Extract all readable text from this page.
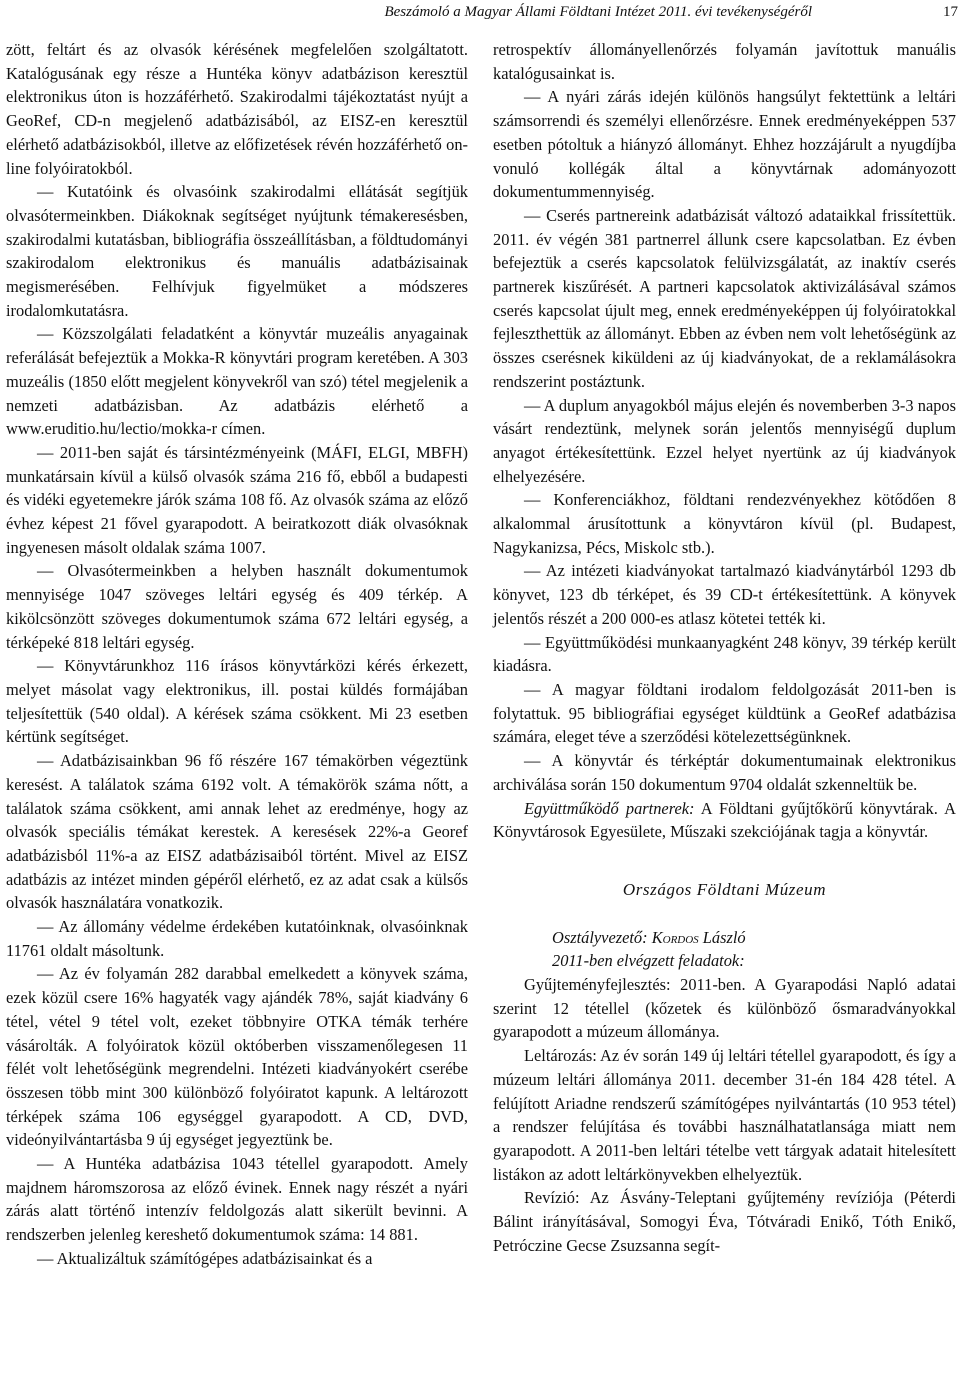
Beszámoló a Magyar Állami Földtani Intézet 2011. évi tevékenységéről	17

zött, feltárt és az olvasók kérésének megfelelően szolgáltatott. Katalógusának egy része a Huntéka könyv adatbázison keresztül elektronikus úton is hozzáférhető. Szakirodalmi tájékoztatást nyújt a GeoRef, CD-n megjelenő adatbázisából, az EISZ-en keresztül elérhető adatbázisokból, illetve az előfizetések révén hozzáférhető on-line folyóiratokból.

— Kutatóink és olvasóink szakirodalmi ellátását segítjük olvasótermeinkben. Diákoknak segítséget nyújtunk témakeresésben, szakirodalmi kutatásban, bibliográfia összeállításban, a földtudományi szakirodalom elektronikus és manuális adatbázisainak megismerésében. Felhívjuk figyelmüket a módszeres irodalomkutatásra.

— Közszolgálati feladatként a könyvtár muzeális anyagainak referálását befejeztük a Mokka-R könyvtári program keretében. A 303 muzeális (1850 előtt megjelent könyvekről van szó) tétel megjelenik a nemzeti adatbázisban. Az adatbázis elérhető a www.eruditio.hu/lectio/mokka-r címen.

— 2011-ben saját és társintézményeink (MÁFI, ELGI, MBFH) munkatársain kívül a külső olvasók száma 216 fő, ebből a budapesti és vidéki egyetemekre járók száma 108 fő. Az olvasók száma az előző évhez képest 21 fővel gyarapodott. A beiratkozott diák olvasóknak ingyenesen másolt oldalak száma 1007.

— Olvasótermeinkben a helyben használt dokumentumok mennyisége 1047 szöveges leltári egység és 409 térkép. A kikölcsönzött szöveges dokumentumok száma 672 leltári egység, a térképeké 818 leltári egység.

— Könyvtárunkhoz 116 írásos könyvtárközi kérés érkezett, melyet másolat vagy elektronikus, ill. postai küldés formájában teljesítettük (540 oldal). A kérések száma csökkent. Mi 23 esetben kértünk segítséget.

— Adatbázisainkban 96 fő részére 167 témakörben végeztünk keresést. A találatok száma 6192 volt. A témakörök száma nőtt, a találatok száma csökkent, ami annak lehet az eredménye, hogy az olvasók speciális témákat kerestek. A keresések 22%-a Georef adatbázisból 11%-a az EISZ adatbázisaiból történt. Mivel az EISZ adatbázis az intézet minden gépéről elérhető, ez az adat csak a külsős olvasók használatára vonatkozik.

— Az állomány védelme érdekében kutatóinknak, olvasóinknak 11761 oldalt másoltunk.

— Az év folyamán 282 darabbal emelkedett a könyvek száma, ezek közül csere 16% hagyaték vagy ajándék 78%, saját kiadvány 6 tétel, vétel 9 tétel volt, ezeket többnyire OTKA témák terhére vásárolták. A folyóiratok közül októberben visszamenőlegesen 11 félét volt lehetőségünk megrendelni. Intézeti kiadványokért cserébe összesen több mint 300 különböző folyóiratot kapunk. A leltározott térképek száma 106 egységgel gyarapodott. A CD, DVD, videónyilvántartásba 9 új egységet jegyeztünk be.

— A Huntéka adatbázisa 1043 tétellel gyarapodott. Amely majdnem háromszorosa az előző évinek. Ennek nagy részét a nyári zárás alatt történő intenzív feldolgozás alatt sikerült bevinni. A rendszerben jelenleg kereshető dokumentumok száma: 14 881.

— Aktualizáltuk számítógépes adatbázisainkat és a

retrospektív állományellenőrzés folyamán javítottuk manuális katalógusainkat is.

— A nyári zárás idején különös hangsúlyt fektettünk a leltári számsorrendi és személyi ellenőrzésre. Ennek eredményeképpen 537 esetben pótoltuk a hiányzó állományt. Ehhez hozzájárult a nyugdíjba vonuló kollégák által a könyvtárnak adományozott dokumentummennyiség.

— Cserés partnereink adatbázisát változó adataikkal frissítettük. 2011. év végén 381 partnerrel állunk csere kapcsolatban. Ez évben befejeztük a cserés kapcsolatok felülvizsgálatát, az inaktív cserés partnerek kiszűrését. A partneri kapcsolatok aktivizálásával számos cserés kapcsolat újult meg, ennek eredményeképpen új folyóiratokkal fejleszthettük az állományt. Ebben az évben nem volt lehetőségünk az összes cserésnek kiküldeni az új kiadványokat, de a reklamálásokra rendszerint postáztunk.

— A duplum anyagokból május elején és novemberben 3-3 napos vásárt rendeztünk, melynek során jelentős mennyiségű duplum anyagot értékesítettünk. Ezzel helyet nyertünk az új kiadványok elhelyezésére.

— Konferenciákhoz, földtani rendezvényekhez kötődően 8 alkalommal árusítottunk a könyvtáron kívül (pl. Budapest, Nagykanizsa, Pécs, Miskolc stb.).

— Az intézeti kiadványokat tartalmazó kiadványtárból 1293 db könyvet, 123 db térképet, és 39 CD-t értékesítettünk. A könyvek jelentős részét a 200 000-es atlasz kötetei tették ki.

— Együttműködési munkaanyagként 248 könyv, 39 térkép került kiadásra.

— A magyar földtani irodalom feldolgozását 2011-ben is folytattuk. 95 bibliográfiai egységet küldtünk a GeoRef adatbázisa számára, eleget téve a szerződési kötelezettségünknek.

— A könyvtár és térképtár dokumentumainak elektronikus archiválása során 150 dokumentum 9704 oldalát szkenneltük be.

Együttműködő partnerek: A Földtani gyűjtőkörű könyvtárak. A Könyvtárosok Egyesülete, Műszaki szekciójának tagja a könyvtár.

Országos Földtani Múzeum

Osztályvezető: Kordos László

2011-ben elvégzett feladatok:

Gyűjteményfejlesztés: 2011-ben. A Gyarapodási Napló adatai szerint 12 tétellel (kőzetek és különböző ősmaradványokkal gyarapodott a múzeum állománya.

Leltározás: Az év során 149 új leltári tétellel gyarapodott, és így a múzeum leltári állománya 2011. december 31-én 184 428 tétel. A felújított Ariadne rendszerű számítógépes nyilvántartás (10 953 tétel) a rendszer felújítása és további használhatatlansága miatt nem gyarapodott. A 2011-ben leltári tételbe vett tárgyak adatait hitelesített listákon az adott leltárkönyvekben elhelyeztük.

Revízió: Az Ásvány-Teleptani gyűjtemény revíziója (Péterdi Bálint irányításával, Somogyi Éva, Tótváradi Enikő, Tóth Enikő, Petróczine Gecse Zsuzsanna segít-
